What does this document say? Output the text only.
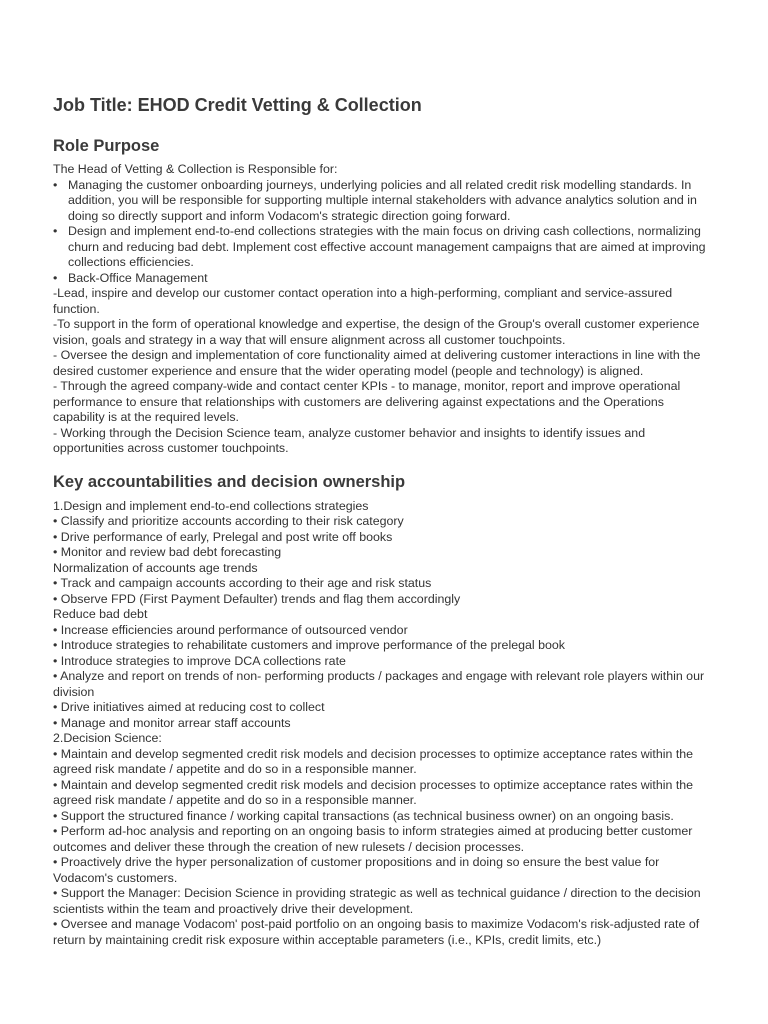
Job Title: EHOD Credit Vetting & Collection
Role Purpose

The Head of Vetting & Collection is Responsible for:

• Managing the customer onboarding journeys, underlying policies and all related credit risk modelling standards. In addition, you will be responsible for supporting multiple internal stakeholders with advance analytics solution and in doing so directly support and inform Vodacom's strategic direction going forward.

• Design and implement end-to-end collections strategies with the main focus on driving cash collections, normalizing churn and reducing bad debt. Implement cost effective account management campaigns that are aimed at improving collections efficiencies.

• Back-Office Management

-Lead, inspire and develop our customer contact operation into a high-performing, compliant and service-assured function.

-To support in the form of operational knowledge and expertise, the design of the Group's overall customer experience vision, goals and strategy in a way that will ensure alignment across all customer touchpoints.

- Oversee the design and implementation of core functionality aimed at delivering customer interactions in line with the desired customer experience and ensure that the wider operating model (people and technology) is aligned.

- Through the agreed company-wide and contact center KPIs - to manage, monitor, report and improve operational performance to ensure that relationships with customers are delivering against expectations and the Operations capability is at the required levels.

- Working through the Decision Science team, analyze customer behavior and insights to identify issues and opportunities across customer touchpoints.

Key accountabilities and decision ownership

1.Design and implement end-to-end collections strategies

• Classify and prioritize accounts according to their risk category

• Drive performance of early, Prelegal and post write off books

• Monitor and review bad debt forecasting

Normalization of accounts age trends

• Track and campaign accounts according to their age and risk status

• Observe FPD (First Payment Defaulter) trends and flag them accordingly

Reduce bad debt

• Increase efficiencies around performance of outsourced vendor

• Introduce strategies to rehabilitate customers and improve performance of the prelegal book

• Introduce strategies to improve DCA collections rate

• Analyze and report on trends of non- performing products / packages and engage with relevant role players within our division

• Drive initiatives aimed at reducing cost to collect

• Manage and monitor arrear staff accounts

2.Decision Science:

• Maintain and develop segmented credit risk models and decision processes to optimize acceptance rates within the agreed risk mandate / appetite and do so in a responsible manner.

• Maintain and develop segmented credit risk models and decision processes to optimize acceptance rates within the agreed risk mandate / appetite and do so in a responsible manner.

• Support the structured finance / working capital transactions (as technical business owner) on an ongoing basis.

• Perform ad-hoc analysis and reporting on an ongoing basis to inform strategies aimed at producing better customer outcomes and deliver these through the creation of new rulesets / decision processes.

• Proactively drive the hyper personalization of customer propositions and in doing so ensure the best value for Vodacom's customers.

• Support the Manager: Decision Science in providing strategic as well as technical guidance / direction to the decision scientists within the team and proactively drive their development.

• Oversee and manage Vodacom' post-paid portfolio on an ongoing basis to maximize Vodacom's risk-adjusted rate of return by maintaining credit risk exposure within acceptable parameters (i.e., KPIs, credit limits, etc.)
